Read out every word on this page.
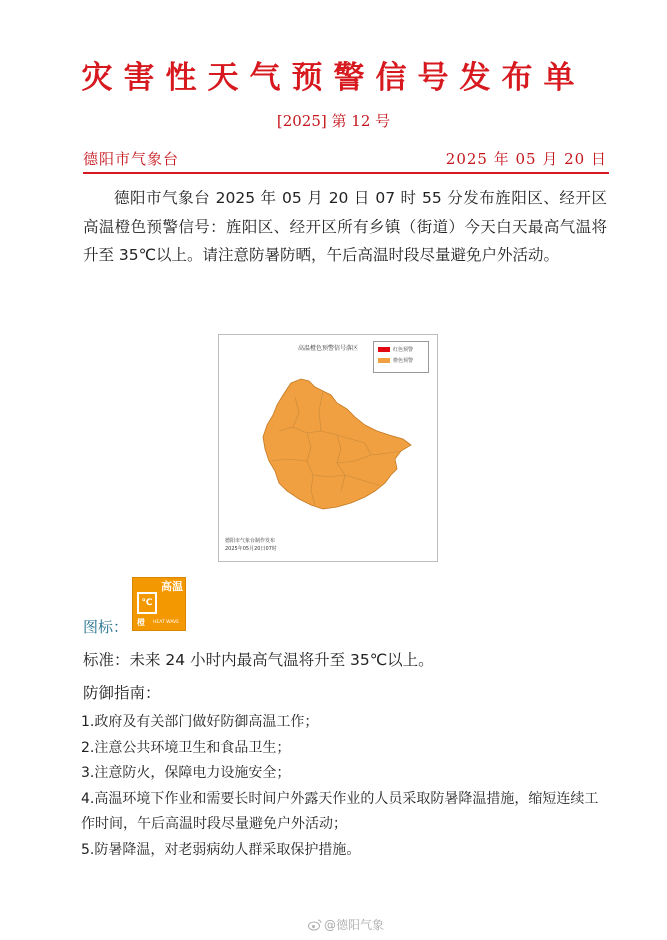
灾害性天气预警信号发布单
[2025] 第 12 号
德阳市气象台	2025 年 05 月 20 日
德阳市气象台 2025 年 05 月 20 日 07 时 55 分发布旌阳区、经开区高温橙色预警信号：旌阳区、经开区所有乡镇（街道）今天白天最高气温将升至 35℃以上。请注意防暑防晒，午后高温时段尽量避免户外活动。
高温橙色预警信号落区	红色预警
橙色预警
德阳市气象台制作发布
2025年05月20日07时
℃
高温
橙 HEAT WAVE
图标：
标准：未来 24 小时内最高气温将升至 35℃以上。
防御指南：
1.政府及有关部门做好防御高温工作；
2.注意公共环境卫生和食品卫生；
3.注意防火，保障电力设施安全；
4.高温环境下作业和需要长时间户外露天作业的人员采取防暑降温措施，缩短连续工作时间，午后高温时段尽量避免户外活动；
5.防暑降温，对老弱病幼人群采取保护措施。
@德阳气象
